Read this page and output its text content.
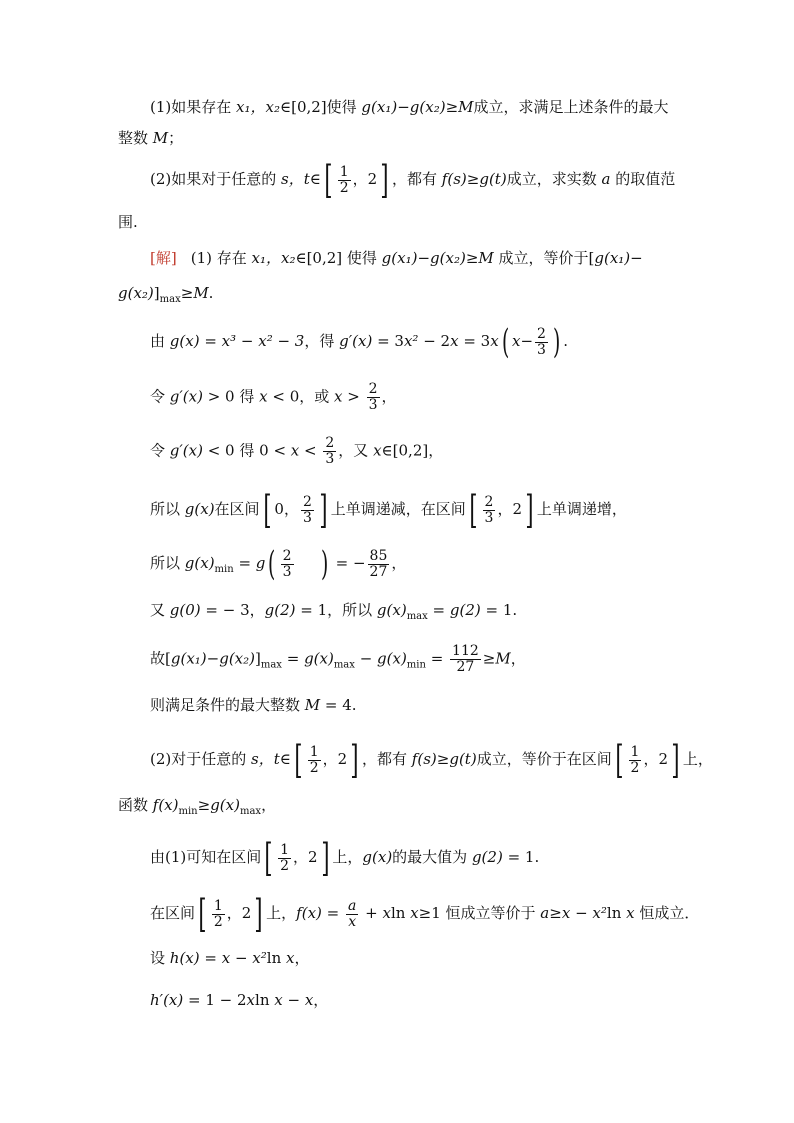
(1)如果存在 x₁，x₂∈[0,2]使得 g(x₁)−g(x₂)≥M成立，求满足上述条件的最大
整数 M；
(2)如果对于任意的 s，t∈[ $\frac{1}{2}$ ，2] ，都有 f(s)≥g(t)成立，求实数 a 的取值范
围.
[解] (1) 存在 x₁，x₂∈[0,2] 使得 g(x₁)−g(x₂)≥M 成立，等价于[g(x₁)−
$g(x_2)]_{max}\ge M$.
由 g(x) = x³ − x² − 3，得 g′(x) = 3x² − 2x = 3x( $x- \frac{2}{3}$ ) .
令 g′(x) > 0 得 x < 0，或 $x > \frac{2}{3}$ ，
令 g′(x) < 0 得 $0 < x < \frac{2}{3}$ ，又 x∈[0,2]，
所以 g(x)在区间[ 0， $\frac{2}{3}$ ] 上单调递减，在区间[ $\frac{2}{3}$ ，2] 上单调递增，
所以 $g(x)_{min} = g( \frac{2}{3}$ ) = − $\frac{85}{27}$ ，
又 g(0) = − 3，g(2) = 1，所以 $g(x)_{max} = g(2) = 1$.
故$[g(x_1)-g(x_2)]_{max} = g(x)_{max} - g(x)_{min} = \frac{112}{27} \ge M$，
则满足条件的最大整数 M = 4.
(2)对于任意的 s，t∈[ $\frac{1}{2}$ ，2] ，都有 f(s)≥g(t)成立，等价于在区间[ $\frac{1}{2}$ ，2] 上，
函数 $f(x)_{min}\ge g(x)_{max}$，
由(1)可知在区间[ $\frac{1}{2}$ ，2] 上，g(x)的最大值为 g(2) = 1.
在区间[ $\frac{1}{2}$ ，2] 上，$f(x) = \frac{a}{x} + xln$ x≥1 恒成立等价于 a≥x − x²ln x 恒成立．
设 h(x) = x − x²ln x，
h′(x) = 1 − 2xln x − x，
